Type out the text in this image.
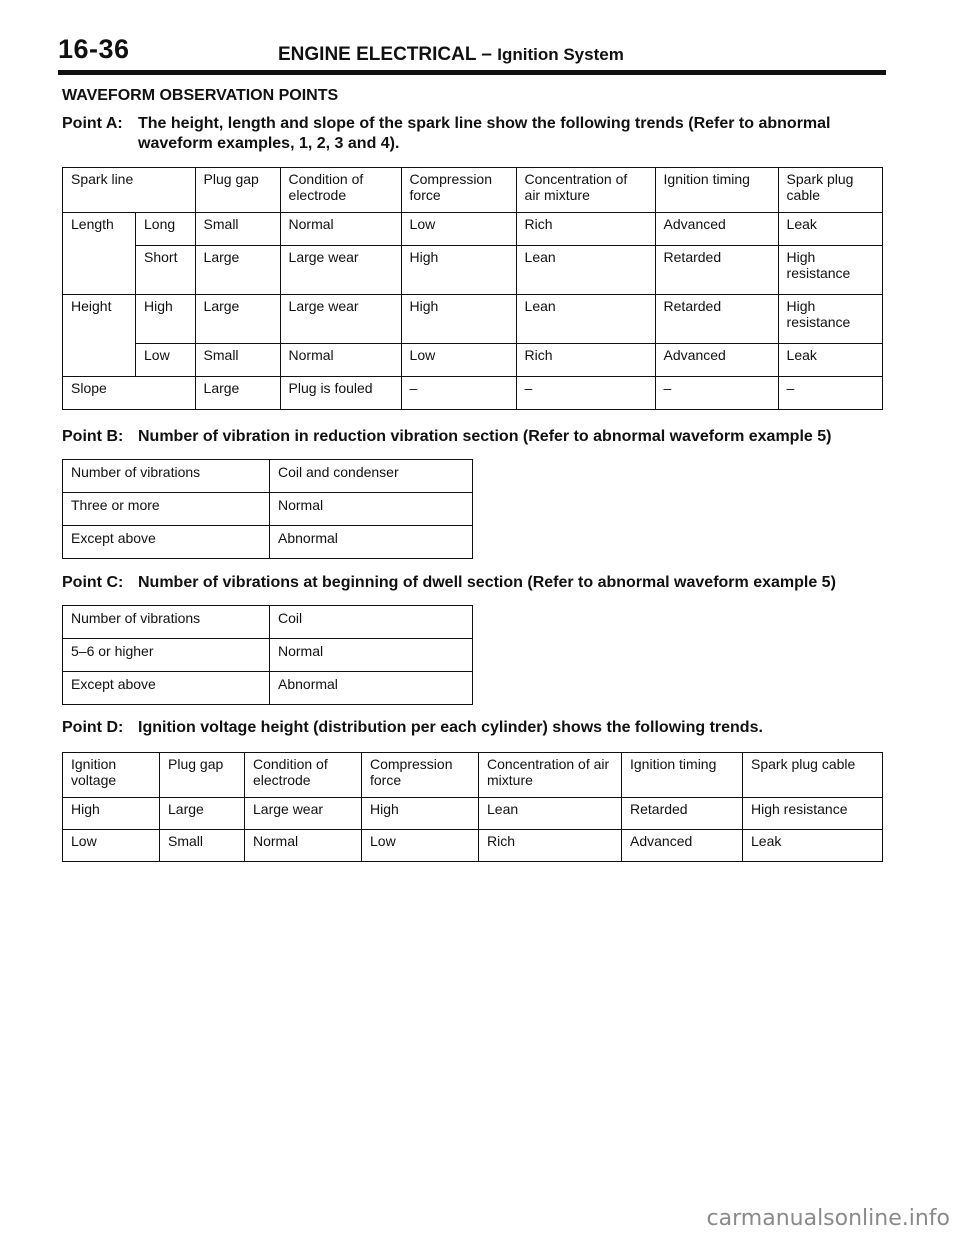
16-36	ENGINE ELECTRICAL – Ignition System
WAVEFORM OBSERVATION POINTS
Point A: The height, length and slope of the spark line show the following trends (Refer to abnormal
waveform examples, 1, 2, 3 and 4).
Spark line		Plug gap	Condition of electrode	Compression force	Concentration of air mixture	Ignition timing	Spark plug cable
Length	Long	Small	Normal	Low	Rich	Advanced	Leak
	Short	Large	Large wear	High	Lean	Retarded	High resistance
Height	High	Large	Large wear	High	Lean	Retarded	High resistance
	Low	Small	Normal	Low	Rich	Advanced	Leak
Slope		Large	Plug is fouled	–	–	–	–
Point B: Number of vibration in reduction vibration section (Refer to abnormal waveform example 5)
Number of vibrations	Coil and condenser
Three or more	Normal
Except above	Abnormal
Point C: Number of vibrations at beginning of dwell section (Refer to abnormal waveform example 5)
Number of vibrations	Coil
5–6 or higher	Normal
Except above	Abnormal
Point D: Ignition voltage height (distribution per each cylinder) shows the following trends.
Ignition voltage	Plug gap	Condition of electrode	Compression force	Concentration of air mixture	Ignition timing	Spark plug cable
High	Large	Large wear	High	Lean	Retarded	High resistance
Low	Small	Normal	Low	Rich	Advanced	Leak
carmanualsonline.info
